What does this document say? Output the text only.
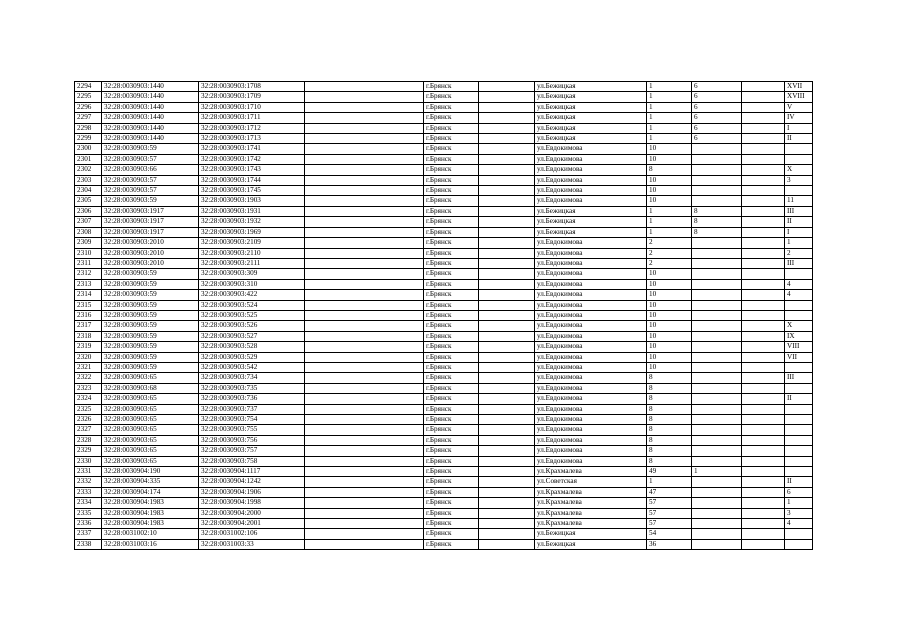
2294	32:28:0030903:1440	32:28:0030903:1708		г.Брянск		ул.Бежицкая	1	6		XVII
2295	32:28:0030903:1440	32:28:0030903:1709		г.Брянск		ул.Бежицкая	1	6		XVIII
2296	32:28:0030903:1440	32:28:0030903:1710		г.Брянск		ул.Бежицкая	1	6		V
2297	32:28:0030903:1440	32:28:0030903:1711		г.Брянск		ул.Бежицкая	1	6		IV
2298	32:28:0030903:1440	32:28:0030903:1712		г.Брянск		ул.Бежицкая	1	6		I
2299	32:28:0030903:1440	32:28:0030903:1713		г.Брянск		ул.Бежицкая	1	6		II
2300	32:28:0030903:59	32:28:0030903:1741		г.Брянск		ул.Евдокимова	10			
2301	32:28:0030903:57	32:28:0030903:1742		г.Брянск		ул.Евдокимова	10			
2302	32:28:0030903:66	32:28:0030903:1743		г.Брянск		ул.Евдокимова	8			X
2303	32:28:0030903:57	32:28:0030903:1744		г.Брянск		ул.Евдокимова	10			3
2304	32:28:0030903:57	32:28:0030903:1745		г.Брянск		ул.Евдокимова	10			
2305	32:28:0030903:59	32:28:0030903:1903		г.Брянск		ул.Евдокимова	10			11
2306	32:28:0030903:1917	32:28:0030903:1931		г.Брянск		ул.Бежицкая	1	8		III
2307	32:28:0030903:1917	32:28:0030903:1932		г.Брянск		ул.Бежицкая	1	8		II
2308	32:28:0030903:1917	32:28:0030903:1969		г.Брянск		ул.Бежицкая	1	8		I
2309	32:28:0030903:2010	32:28:0030903:2109		г.Брянск		ул.Евдокимова	2			1
2310	32:28:0030903:2010	32:28:0030903:2110		г.Брянск		ул.Евдокимова	2			2
2311	32:28:0030903:2010	32:28:0030903:2111		г.Брянск		ул.Евдокимова	2			III
2312	32:28:0030903:59	32:28:0030903:309		г.Брянск		ул.Евдокимова	10			
2313	32:28:0030903:59	32:28:0030903:310		г.Брянск		ул.Евдокимова	10			4
2314	32:28:0030903:59	32:28:0030903:422		г.Брянск		ул.Евдокимова	10			4
2315	32:28:0030903:59	32:28:0030903:524		г.Брянск		ул.Евдокимова	10			
2316	32:28:0030903:59	32:28:0030903:525		г.Брянск		ул.Евдокимова	10			
2317	32:28:0030903:59	32:28:0030903:526		г.Брянск		ул.Евдокимова	10			X
2318	32:28:0030903:59	32:28:0030903:527		г.Брянск		ул.Евдокимова	10			IX
2319	32:28:0030903:59	32:28:0030903:528		г.Брянск		ул.Евдокимова	10			VIII
2320	32:28:0030903:59	32:28:0030903:529		г.Брянск		ул.Евдокимова	10			VII
2321	32:28:0030903:59	32:28:0030903:542		г.Брянск		ул.Евдокимова	10			
2322	32:28:0030903:65	32:28:0030903:734		г.Брянск		ул.Евдокимова	8			III
2323	32:28:0030903:68	32:28:0030903:735		г.Брянск		ул.Евдокимова	8			
2324	32:28:0030903:65	32:28:0030903:736		г.Брянск		ул.Евдокимова	8			II
2325	32:28:0030903:65	32:28:0030903:737		г.Брянск		ул.Евдокимова	8			
2326	32:28:0030903:65	32:28:0030903:754		г.Брянск		ул.Евдокимова	8			
2327	32:28:0030903:65	32:28:0030903:755		г.Брянск		ул.Евдокимова	8			
2328	32:28:0030903:65	32:28:0030903:756		г.Брянск		ул.Евдокимова	8			
2329	32:28:0030903:65	32:28:0030903:757		г.Брянск		ул.Евдокимова	8			
2330	32:28:0030903:65	32:28:0030903:758		г.Брянск		ул.Евдокимова	8			
2331	32:28:0030904:190	32:28:0030904:1117		г.Брянск		ул.Крахмалева	49	1		
2332	32:28:0030904:335	32:28:0030904:1242		г.Брянск		ул.Советская	1			II
2333	32:28:0030904:174	32:28:0030904:1906		г.Брянск		ул.Крахмалева	47			6
2334	32:28:0030904:1983	32:28:0030904:1998		г.Брянск		ул.Крахмалева	57			1
2335	32:28:0030904:1983	32:28:0030904:2000		г.Брянск		ул.Крахмалева	57			3
2336	32:28:0030904:1983	32:28:0030904:2001		г.Брянск		ул.Крахмалева	57			4
2337	32:28:0031002:10	32:28:0031002:106		г.Брянск		ул.Бежицкая	54			
2338	32:28:0031003:16	32:28:0031003:33		г.Брянск		ул.Бежицкая	36			
